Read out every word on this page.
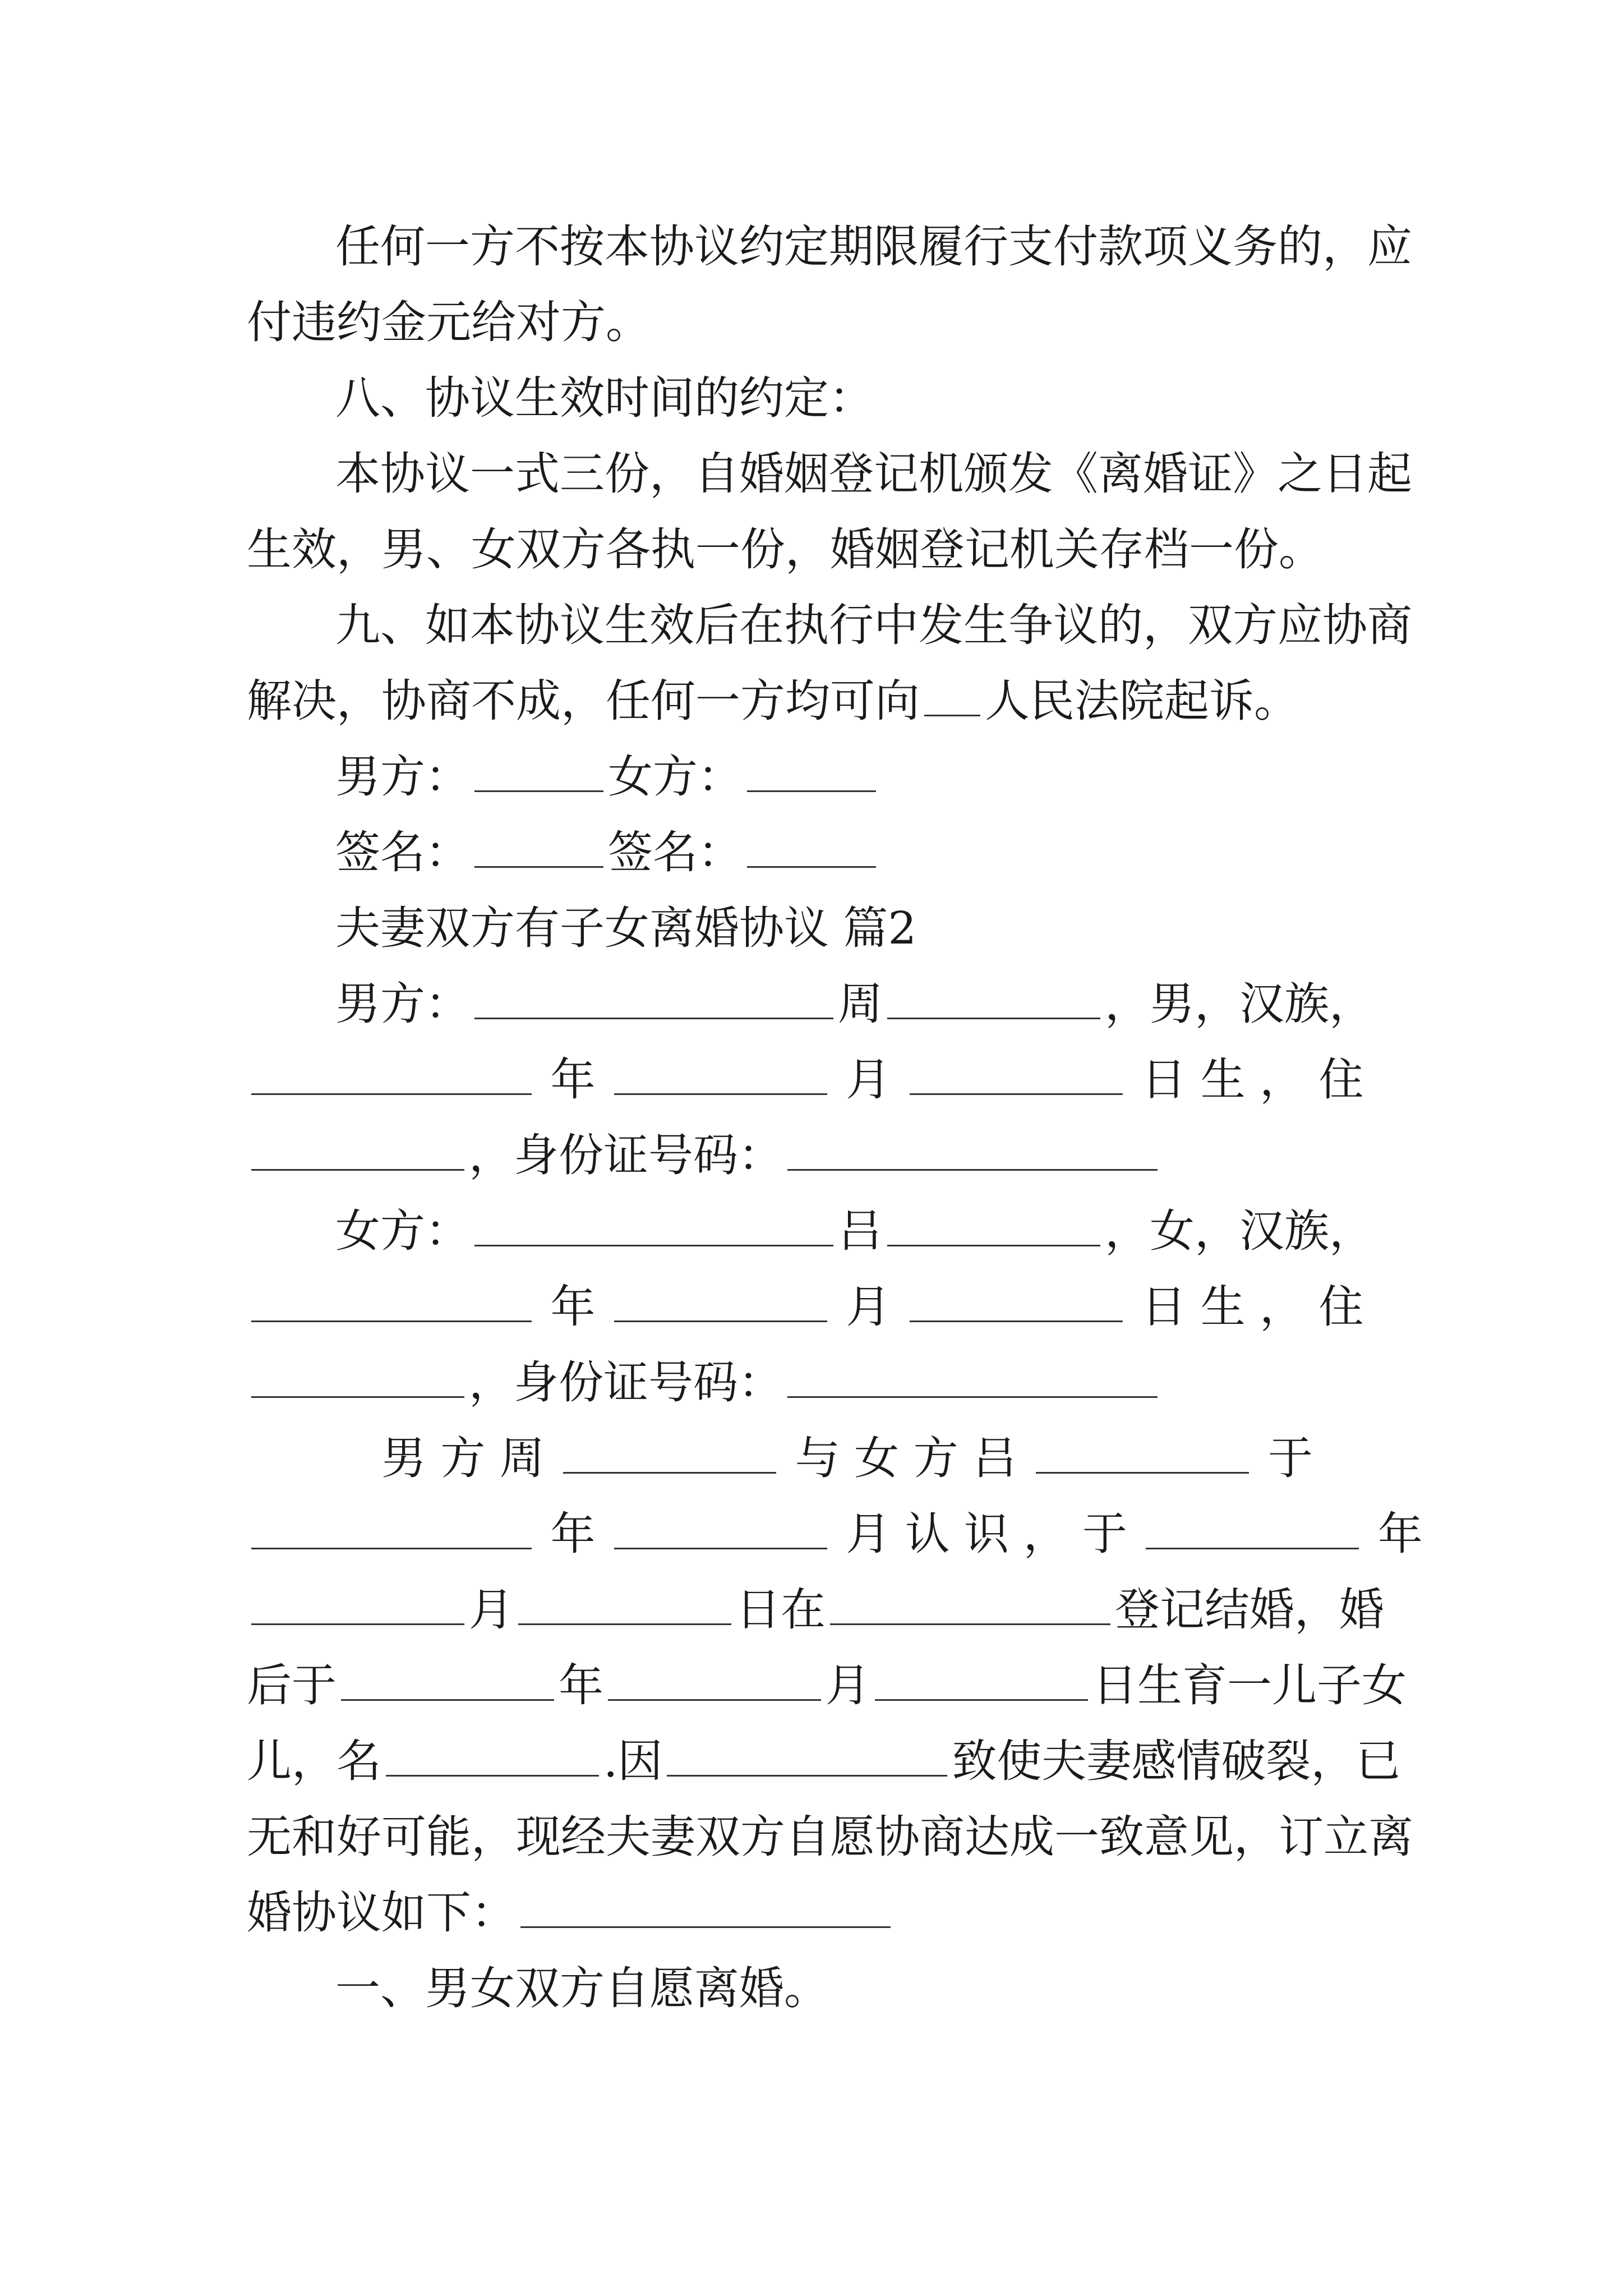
任何一方不按本协议约定期限履行支付款项义务的，应
付违约金元给对方。
八、协议生效时间的约定：
本协议一式三份，自婚姻登记机颁发《离婚证》之日起
生效，男、女双方各执一份，婚姻登记机关存档一份。
九、如本协议生效后在执行中发生争议的，双方应协商
解决，协商不成，任何一方均可向 人民法院起诉。
男方：	女方：
签名：	签名：
夫妻双方有子女离婚协议 篇2
男方：	周	，男，汉族，
年	月	日 生 ， 住
，身份证号码：
女方：	吕	，女，汉族，
年	月	日 生 ， 住
，身份证号码：
男 方 周	与 女 方 吕	于
年	月 认 识 ， 于	年
月	日在	登记结婚，婚
后于	年	月	日生育一儿子女
儿，名	.因	致使夫妻感情破裂，已
无和好可能，现经夫妻双方自愿协商达成一致意见，订立离
婚协议如下：
一、男女双方自愿离婚。
